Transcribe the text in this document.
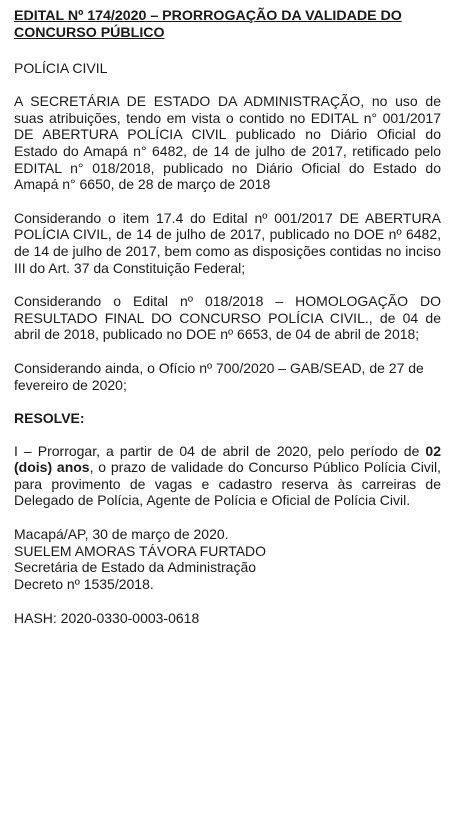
EDITAL Nº 174/2020 – PRORROGAÇÃO DA VALIDADE DO CONCURSO PÚBLICO
POLÍCIA CIVIL

A SECRETÁRIA DE ESTADO DA ADMINISTRAÇÃO, no uso de suas atribuições, tendo em vista o contido no EDITAL n° 001/2017 DE ABERTURA POLÍCIA CIVIL publicado no Diário Oficial do Estado do Amapá n° 6482, de 14 de julho de 2017, retificado pelo EDITAL n° 018/2018, publicado no Diário Oficial do Estado do Amapá n° 6650, de 28 de março de 2018

Considerando o item 17.4 do Edital nº 001/2017 DE ABERTURA POLÍCIA CIVIL, de 14 de julho de 2017, publicado no DOE nº 6482, de 14 de julho de 2017, bem como as disposições contidas no inciso III do Art. 37 da Constituição Federal;

Considerando o Edital nº 018/2018 – HOMOLOGAÇÃO DO RESULTADO FINAL DO CONCURSO POLÍCIA CIVIL., de 04 de abril de 2018, publicado no DOE nº 6653, de 04 de abril de 2018;

Considerando ainda, o Ofício nº 700/2020 – GAB/SEAD, de 27 de fevereiro de 2020;

RESOLVE:

I – Prorrogar, a partir de 04 de abril de 2020, pelo período de 02 (dois) anos, o prazo de validade do Concurso Público Polícia Civil, para provimento de vagas e cadastro reserva às carreiras de Delegado de Polícia, Agente de Polícia e Oficial de Polícia Civil.

Macapá/AP, 30 de março de 2020.
SUELEM AMORAS TÁVORA FURTADO
Secretária de Estado da Administração
Decreto nº 1535/2018.
HASH: 2020-0330-0003-0618
